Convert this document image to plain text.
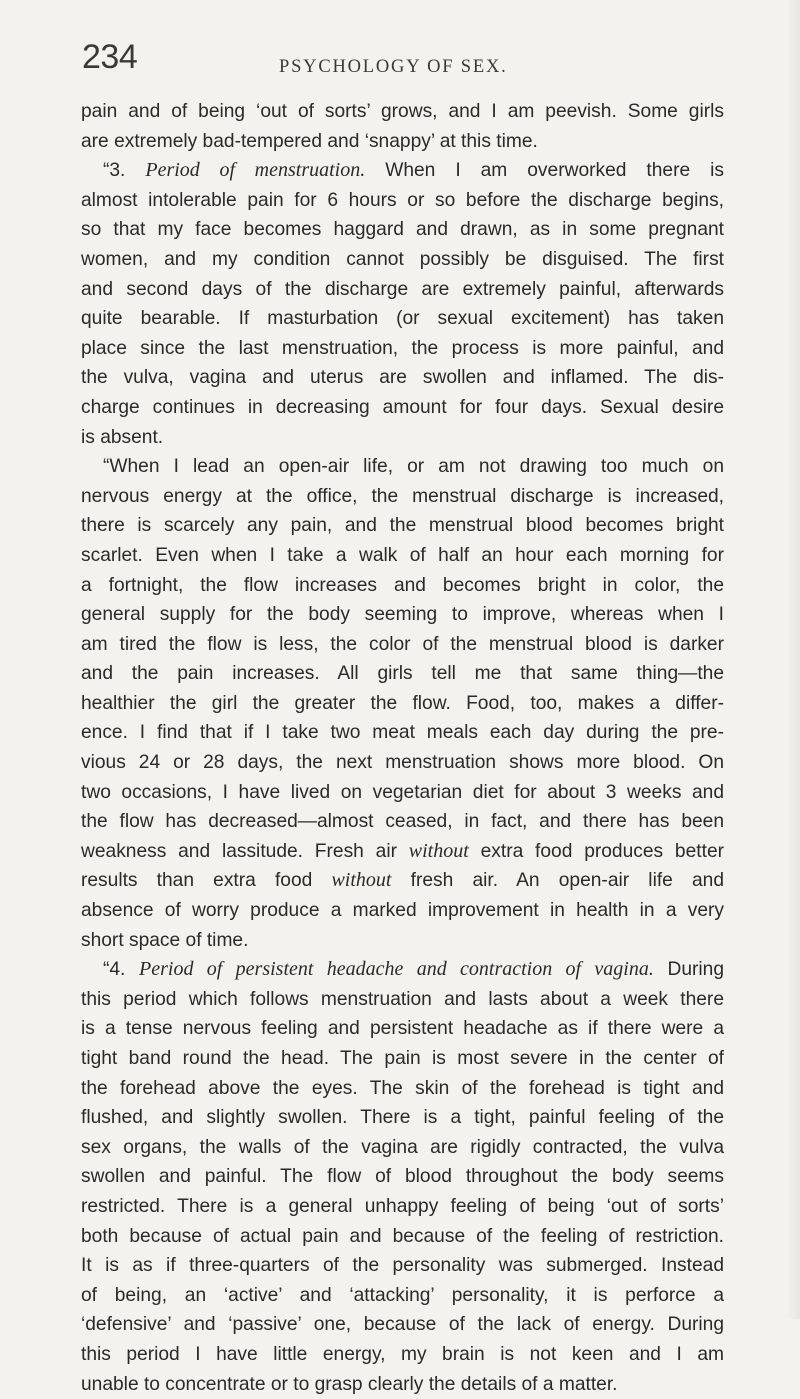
234	PSYCHOLOGY OF SEX.
pain and of being ‘out of sorts’ grows, and I am peevish. Some girls
are extremely bad-tempered and ‘snappy’ at this time.
“3. Period of menstruation. When I am overworked there is
almost intolerable pain for 6 hours or so before the discharge begins,
so that my face becomes haggard and drawn, as in some pregnant
women, and my condition cannot possibly be disguised. The first
and second days of the discharge are extremely painful, afterwards
quite bearable. If masturbation (or sexual excitement) has taken
place since the last menstruation, the process is more painful, and
the vulva, vagina and uterus are swollen and inflamed. The dis-
charge continues in decreasing amount for four days. Sexual desire
is absent.
“When I lead an open-air life, or am not drawing too much on
nervous energy at the office, the menstrual discharge is increased,
there is scarcely any pain, and the menstrual blood becomes bright
scarlet. Even when I take a walk of half an hour each morning for
a fortnight, the flow increases and becomes bright in color, the
general supply for the body seeming to improve, whereas when I
am tired the flow is less, the color of the menstrual blood is darker
and the pain increases. All girls tell me that same thing—the
healthier the girl the greater the flow. Food, too, makes a differ-
ence. I find that if I take two meat meals each day during the pre-
vious 24 or 28 days, the next menstruation shows more blood. On
two occasions, I have lived on vegetarian diet for about 3 weeks and
the flow has decreased—almost ceased, in fact, and there has been
weakness and lassitude. Fresh air without extra food produces better
results than extra food without fresh air. An open-air life and
absence of worry produce a marked improvement in health in a very
short space of time.
“4. Period of persistent headache and contraction of vagina. During
this period which follows menstruation and lasts about a week there
is a tense nervous feeling and persistent headache as if there were a
tight band round the head. The pain is most severe in the center of
the forehead above the eyes. The skin of the forehead is tight and
flushed, and slightly swollen. There is a tight, painful feeling of the
sex organs, the walls of the vagina are rigidly contracted, the vulva
swollen and painful. The flow of blood throughout the body seems
restricted. There is a general unhappy feeling of being ‘out of sorts’
both because of actual pain and because of the feeling of restriction.
It is as if three-quarters of the personality was submerged. Instead
of being, an ‘active’ and ‘attacking’ personality, it is perforce a
‘defensive’ and ‘passive’ one, because of the lack of energy. During
this period I have little energy, my brain is not keen and I am
unable to concentrate or to grasp clearly the details of a matter.
